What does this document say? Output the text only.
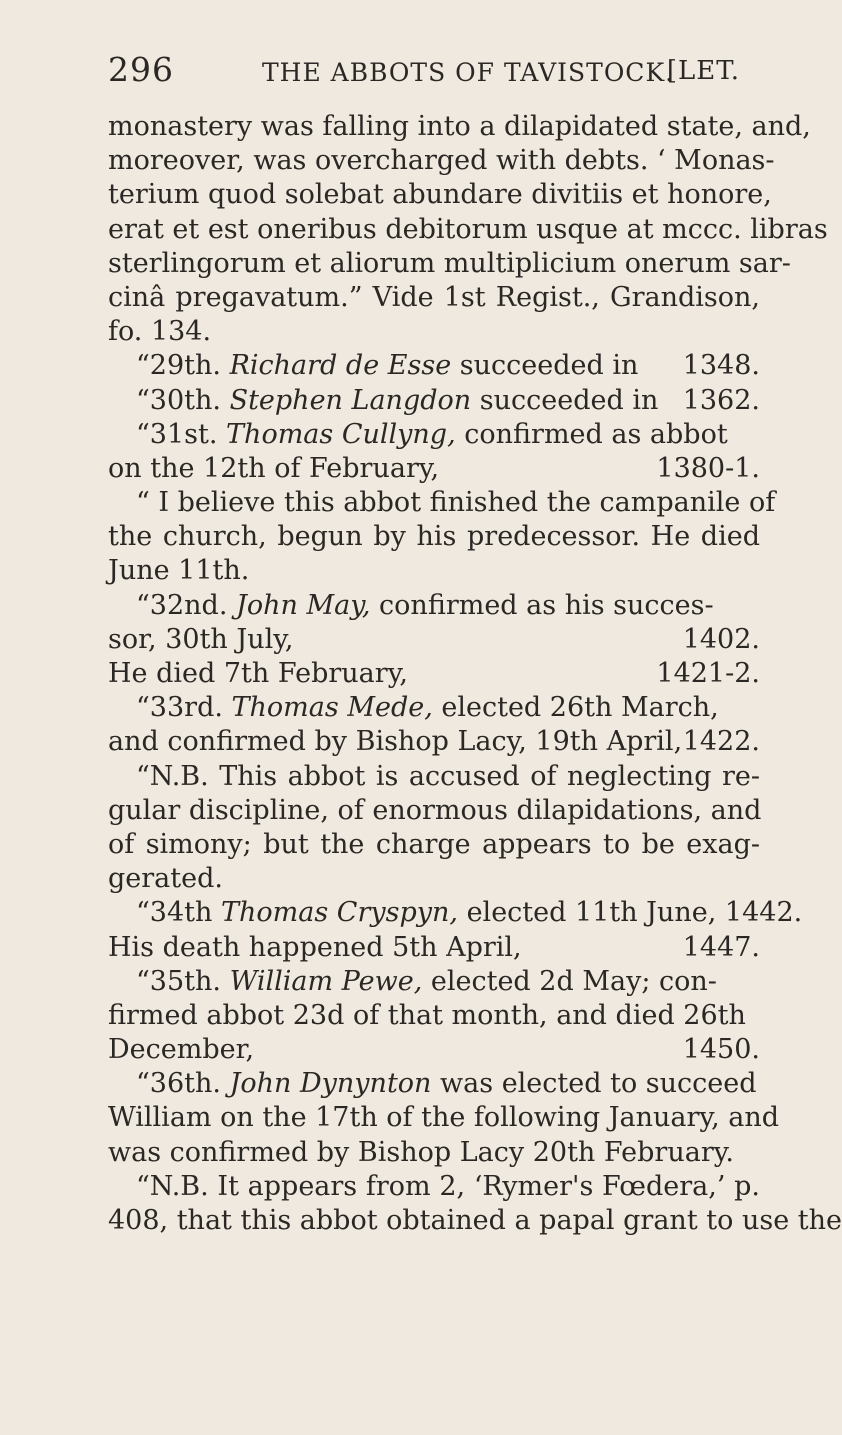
296	THE ABBOTS OF TAVISTOCK.
[LET.
monastery was falling into a dilapidated state, and,
moreover, was overcharged with debts. ‘ Monas-
terium quod solebat abundare divitiis et honore,
erat et est oneribus debitorum usque at mccc. libras
sterlingorum et aliorum multiplicium onerum sar-
cinâ pregavatum.” Vide 1st Regist., Grandison,
fo. 134.
“29th. Richard de Esse succeeded in 1348.
“30th. Stephen Langdon succeeded in 1362.
“31st. Thomas Cullyng, confirmed as abbot
on the 12th of February,	1380-1.
“ I believe this abbot finished the campanile of
the church, begun by his predecessor. He died
June 11th.
“32nd. John May, confirmed as his succes-
sor, 30th July,	1402.
He died 7th February,	1421-2.
“33rd. Thomas Mede, elected 26th March,
and confirmed by Bishop Lacy, 19th April, 1422.
“N.B. This abbot is accused of neglecting re-
gular discipline, of enormous dilapidations, and
of simony; but the charge appears to be exag-
gerated.
“34th Thomas Cryspyn, elected 11th June, 1442.
His death happened 5th April,	1447.
“35th. William Pewe, elected 2d May; con-
firmed abbot 23d of that month, and died 26th
December,	1450.
“36th. John Dynynton was elected to succeed
William on the 17th of the following January, and
was confirmed by Bishop Lacy 20th February.
“N.B. It appears from 2, ‘Rymer's Fœdera,’ p.
408, that this abbot obtained a papal grant to use the
